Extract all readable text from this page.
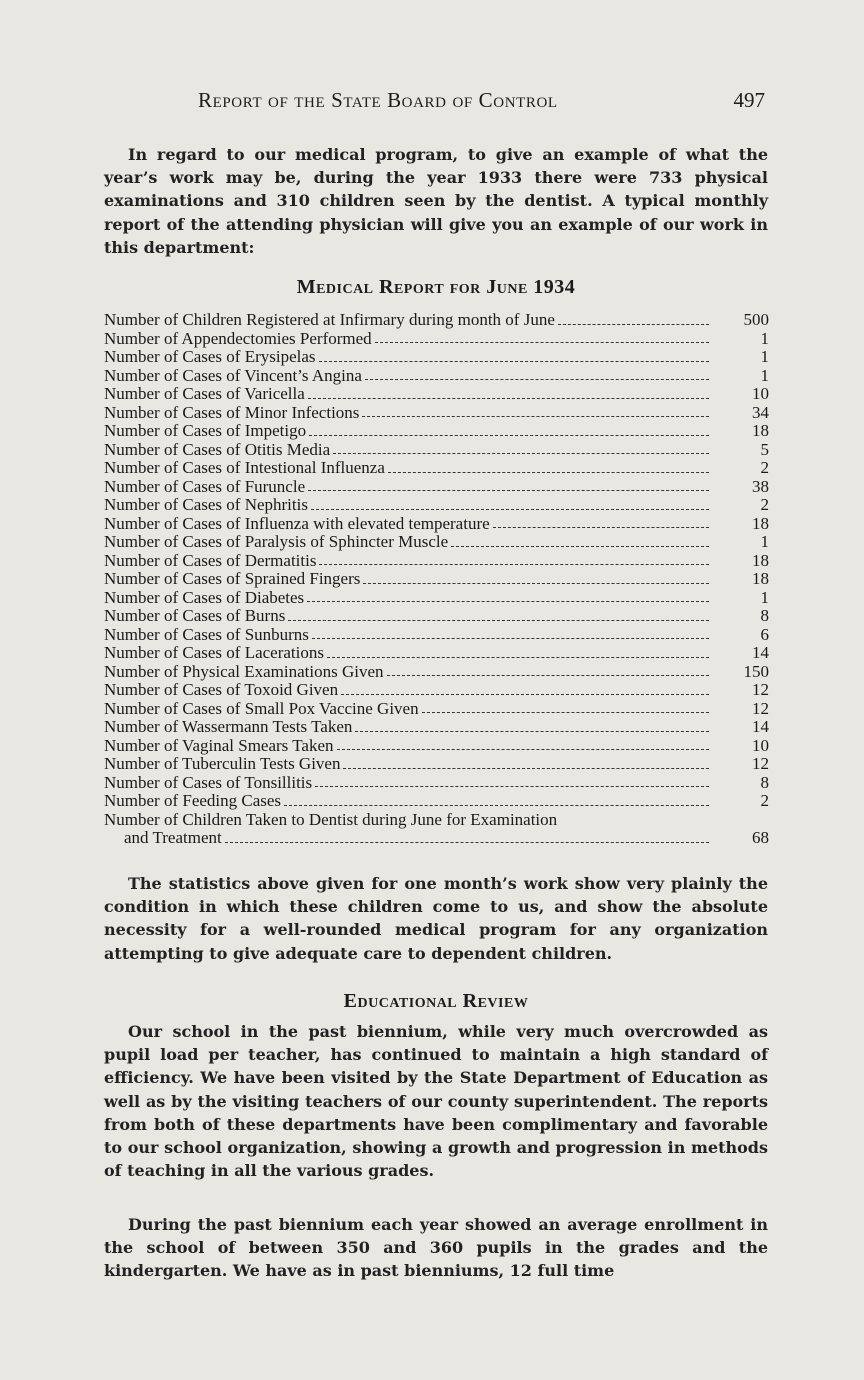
Report of the State Board of Control	497

In regard to our medical program, to give an example of what the year’s work may be, during the year 1933 there were 733 physical examinations and 310 children seen by the dentist. A typical monthly report of the attending physician will give you an example of our work in this department:

Medical Report for June 1934
Number of Children Registered at Infirmary during month of June	500
Number of Appendectomies Performed	1
Number of Cases of Erysipelas	1
Number of Cases of Vincent’s Angina	1
Number of Cases of Varicella	10
Number of Cases of Minor Infections	34
Number of Cases of Impetigo	18
Number of Cases of Otitis Media	5
Number of Cases of Intestional Influenza	2
Number of Cases of Furuncle	38
Number of Cases of Nephritis	2
Number of Cases of Influenza with elevated temperature	18
Number of Cases of Paralysis of Sphincter Muscle	1
Number of Cases of Dermatitis	18
Number of Cases of Sprained Fingers	18
Number of Cases of Diabetes	1
Number of Cases of Burns	8
Number of Cases of Sunburns	6
Number of Cases of Lacerations	14
Number of Physical Examinations Given	150
Number of Cases of Toxoid Given	12
Number of Cases of Small Pox Vaccine Given	12
Number of Wassermann Tests Taken	14
Number of Vaginal Smears Taken	10
Number of Tuberculin Tests Given	12
Number of Cases of Tonsillitis	8
Number of Feeding Cases	2
Number of Children Taken to Dentist during June for Examination
and Treatment	68

The statistics above given for one month’s work show very plainly the condition in which these children come to us, and show the absolute necessity for a well-rounded medical program for any organization attempting to give adequate care to dependent children.

Educational Review

Our school in the past biennium, while very much overcrowded as pupil load per teacher, has continued to maintain a high standard of efficiency. We have been visited by the State Department of Education as well as by the visiting teachers of our county superintendent. The reports from both of these departments have been complimentary and favorable to our school organization, showing a growth and progression in methods of teaching in all the various grades.

During the past biennium each year showed an average enrollment in the school of between 350 and 360 pupils in the grades and the kindergarten. We have as in past bienniums, 12 full time
